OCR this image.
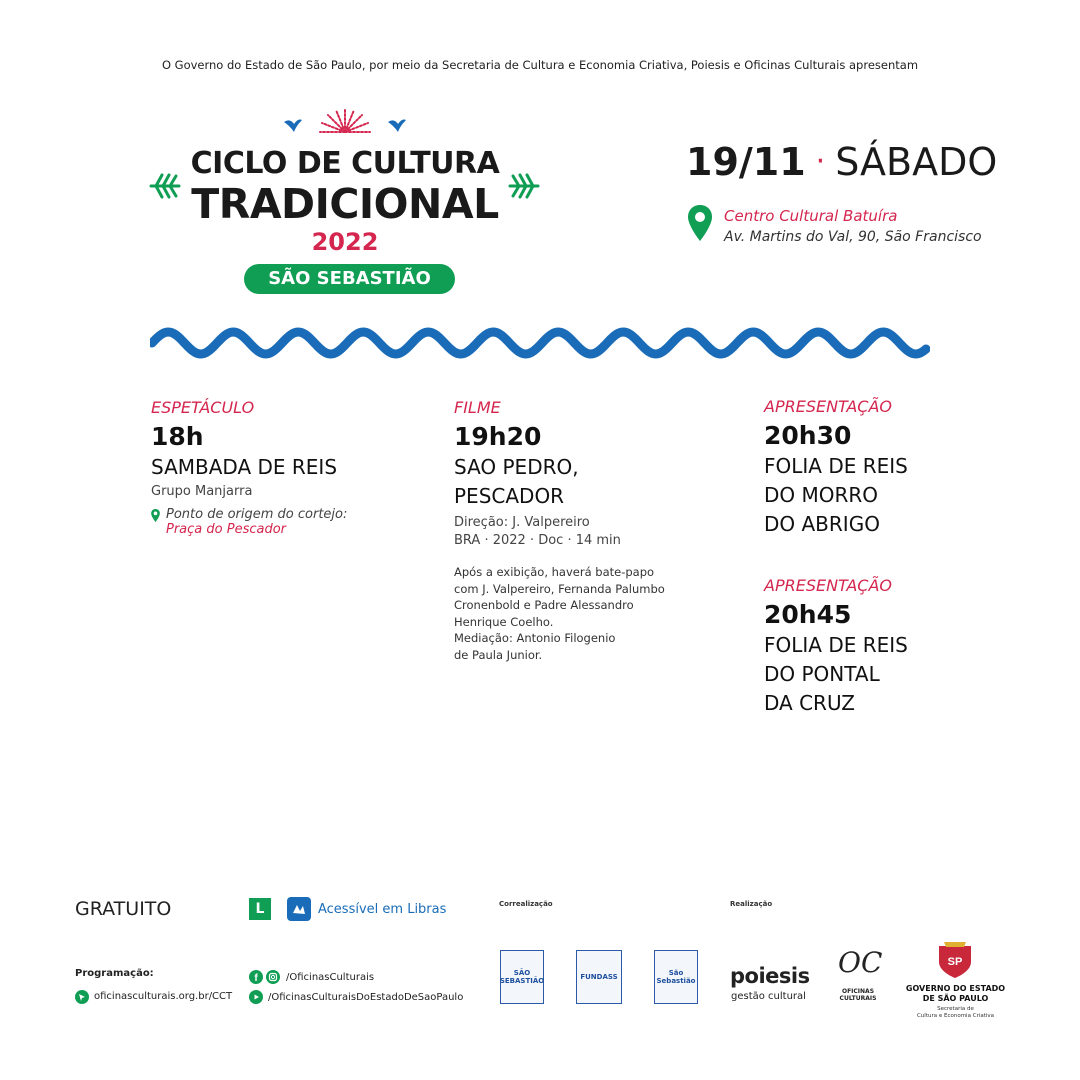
O Governo do Estado de São Paulo, por meio da Secretaria de Cultura e Economia Criativa, Poiesis e Oficinas Culturais apresentam
CICLO DE CULTURA
TRADICIONAL
2022
SÃO SEBASTIÃO
19/11 · SÁBADO
Centro Cultural Batuíra
Av. Martins do Val, 90, São Francisco
ESPETÁCULO
18h
SAMBADA DE REIS
Grupo Manjarra
Ponto de origem do cortejo:
Praça do Pescador
FILME
19h20
SAO PEDRO,
PESCADOR
Direção: J. Valpereiro
BRA · 2022 · Doc · 14 min
Após a exibição, haverá bate-papo
com J. Valpereiro, Fernanda Palumbo
Cronenbold e Padre Alessandro
Henrique Coelho.
Mediação: Antonio Filogenio
de Paula Junior.
APRESENTAÇÃO
20h30
FOLIA DE REIS
DO MORRO
DO ABRIGO
APRESENTAÇÃO
20h45
FOLIA DE REIS
DO PONTAL
DA CRUZ
GRATUITO	L	Acessível em Libras	Correalização	Realização
Programação:
oficinasculturais.org.br/CCT
f	/OficinasCulturais
/OficinasCulturaisDoEstadoDeSaoPaulo
SÃO SEBASTIÃO	FUNDASS	São Sebastião poiesis
gestão cultural
OC
OFICINAS
CULTURAIS
SP
GOVERNO DO ESTADO
DE SÃO PAULO
Secretaria de
Cultura e Economia Criativa
